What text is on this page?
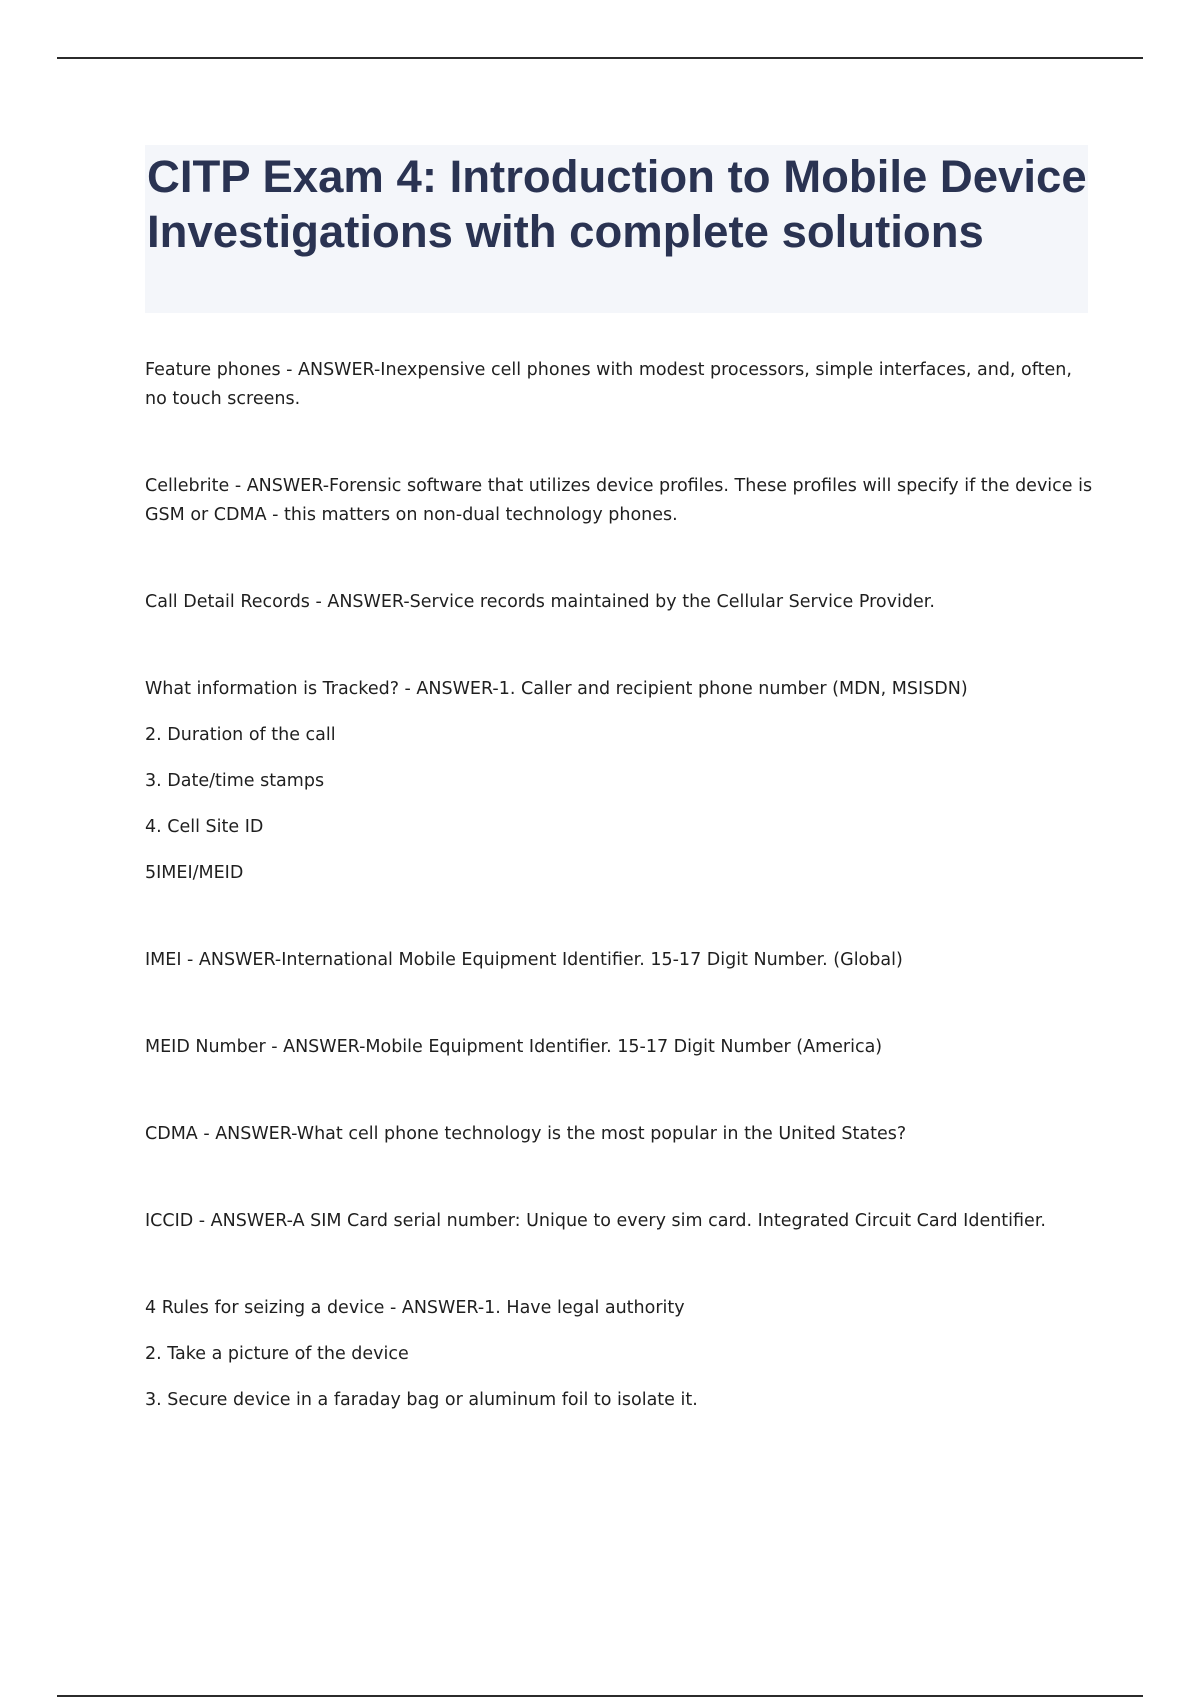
CITP Exam 4: Introduction to Mobile Device Investigations with complete solutions

Feature phones - ANSWER-Inexpensive cell phones with modest processors, simple interfaces, and, often, no touch screens.

Cellebrite - ANSWER-Forensic software that utilizes device profiles. These profiles will specify if the device is GSM or CDMA - this matters on non-dual technology phones.

Call Detail Records - ANSWER-Service records maintained by the Cellular Service Provider.

What information is Tracked? - ANSWER-1. Caller and recipient phone number (MDN, MSISDN)

2. Duration of the call

3. Date/time stamps

4. Cell Site ID

5IMEI/MEID

IMEI - ANSWER-International Mobile Equipment Identifier. 15-17 Digit Number. (Global)

MEID Number - ANSWER-Mobile Equipment Identifier. 15-17 Digit Number (America)

CDMA - ANSWER-What cell phone technology is the most popular in the United States?

ICCID - ANSWER-A SIM Card serial number: Unique to every sim card. Integrated Circuit Card Identifier.

4 Rules for seizing a device - ANSWER-1. Have legal authority

2. Take a picture of the device

3. Secure device in a faraday bag or aluminum foil to isolate it.
